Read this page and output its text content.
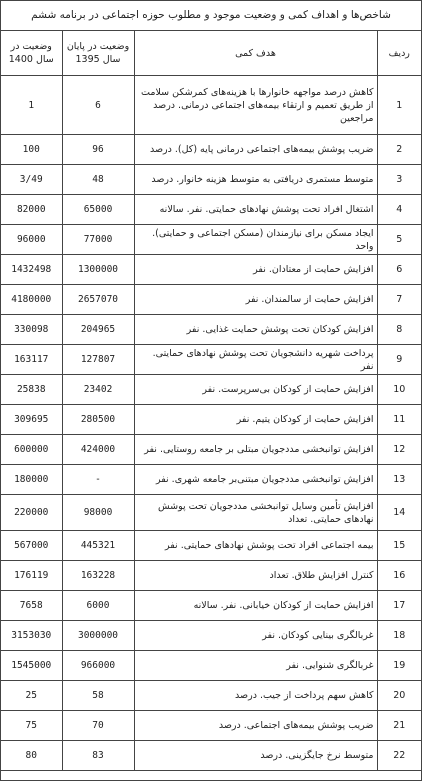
شاخص‌ها و اهداف کمی و وضعیت موجود و مطلوب حوزه اجتماعی در برنامه ششم
ردیف	هدف کمی	وضعیت در پایان سال 1395	وضعیت در سال 1400
1	کاهش درصد مواجهه خانوارها با هزینه‌های کمرشکن سلامت از طریق تعمیم و ارتقاء بیمه‌های اجتماعی درمانی. درصد مراجعین	6	1
2	ضریب پوشش بیمه‌های اجتماعی درمانی پایه (کل). درصد	96	100
3	متوسط مستمری دریافتی به متوسط هزینه خانوار. درصد	48	3/49
4	اشتغال افراد تحت پوشش نهادهای حمایتی. نفر. سالانه	65000	82000
5	ایجاد مسکن برای نیازمندان (مسکن اجتماعی و حمایتی). واحد	77000	96000
6	افزایش حمایت از معتادان. نفر	1300000	1432498
7	افزایش حمایت از سالمندان. نفر	2657070	4180000
8	افزایش کودکان تحت پوشش حمایت غذایی. نفر	204965	330098
9	پرداخت شهریه دانشجویان تحت پوشش نهادهای حمایتی. نفر	127807	163117
10	افزایش حمایت از کودکان بی‌سرپرست. نفر	23402	25838
11	افزایش حمایت از کودکان یتیم. نفر	280500	309695
12	افزایش توانبخشی مددجویان مبتلی بر جامعه روستایی. نفر	424000	600000
13	افزایش توانبخشی مددجویان مبتنی‌بر جامعه شهری. نفر	-	180000
14	افزایش تأمین وسایل توانبخشی مددجویان تحت پوشش نهادهای حمایتی. تعداد	98000	220000
15	بیمه اجتماعی افراد تحت پوشش نهادهای حمایتی. نفر	445321	567000
16	کنترل افزایش طلاق. تعداد	163228	176119
17	افزایش حمایت از کودکان خیابانی. نفر. سالانه	6000	7658
18	غربالگری بینایی کودکان. نفر	3000000	3153030
19	غربالگری شنوایی. نفر	966000	1545000
20	کاهش سهم پرداخت از جیب. درصد	58	25
21	ضریب پوشش بیمه‌های اجتماعی. درصد	70	75
22	متوسط نرخ جایگزینی. درصد	83	80
